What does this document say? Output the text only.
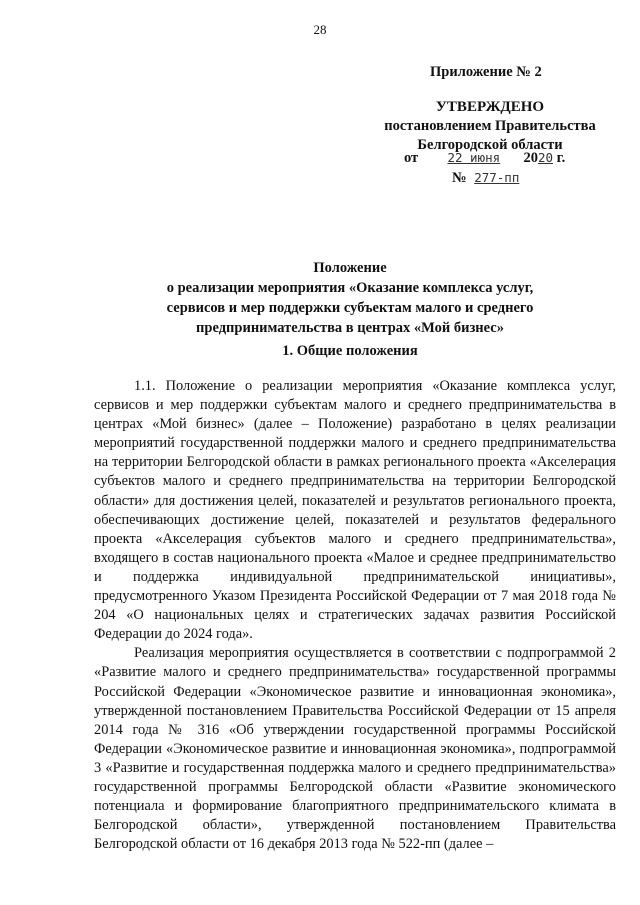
28
Приложение № 2
УТВЕРЖДЕНО
постановлением Правительства
Белгородской области
от 22 июня 2020 г.
№ 277-пп
Положение
о реализации мероприятия «Оказание комплекса услуг,
сервисов и мер поддержки субъектам малого и среднего
предпринимательства в центрах «Мой бизнес»
1. Общие положения

1.1. Положение о реализации мероприятия «Оказание комплекса услуг, сервисов и мер поддержки субъектам малого и среднего предпринимательства в центрах «Мой бизнес» (далее – Положение) разработано в целях реализации мероприятий государственной поддержки малого и среднего предпринимательства на территории Белгородской области в рамках регионального проекта «Акселерация субъектов малого и среднего предпринимательства на территории Белгородской области» для достижения целей, показателей и результатов регионального проекта, обеспечивающих достижение целей, показателей и результатов федерального проекта «Акселерация субъектов малого и среднего предпринимательства», входящего в состав национального проекта «Малое и среднее предпринимательство и поддержка индивидуальной предпринимательской инициативы», предусмотренного Указом Президента Российской Федерации от 7 мая 2018 года № 204 «О национальных целях и стратегических задачах развития Российской Федерации до 2024 года».

Реализация мероприятия осуществляется в соответствии с подпрограммой 2 «Развитие малого и среднего предпринимательства» государственной программы Российской Федерации «Экономическое развитие и инновационная экономика», утвержденной постановлением Правительства Российской Федерации от 15 апреля 2014 года № 316 «Об утверждении государственной программы Российской Федерации «Экономическое развитие и инновационная экономика», подпрограммой 3 «Развитие и государственная поддержка малого и среднего предпринимательства» государственной программы Белгородской области «Развитие экономического потенциала и формирование благоприятного предпринимательского климата в Белгородской области», утвержденной постановлением Правительства Белгородской области от 16 декабря 2013 года № 522-пп (далее –
